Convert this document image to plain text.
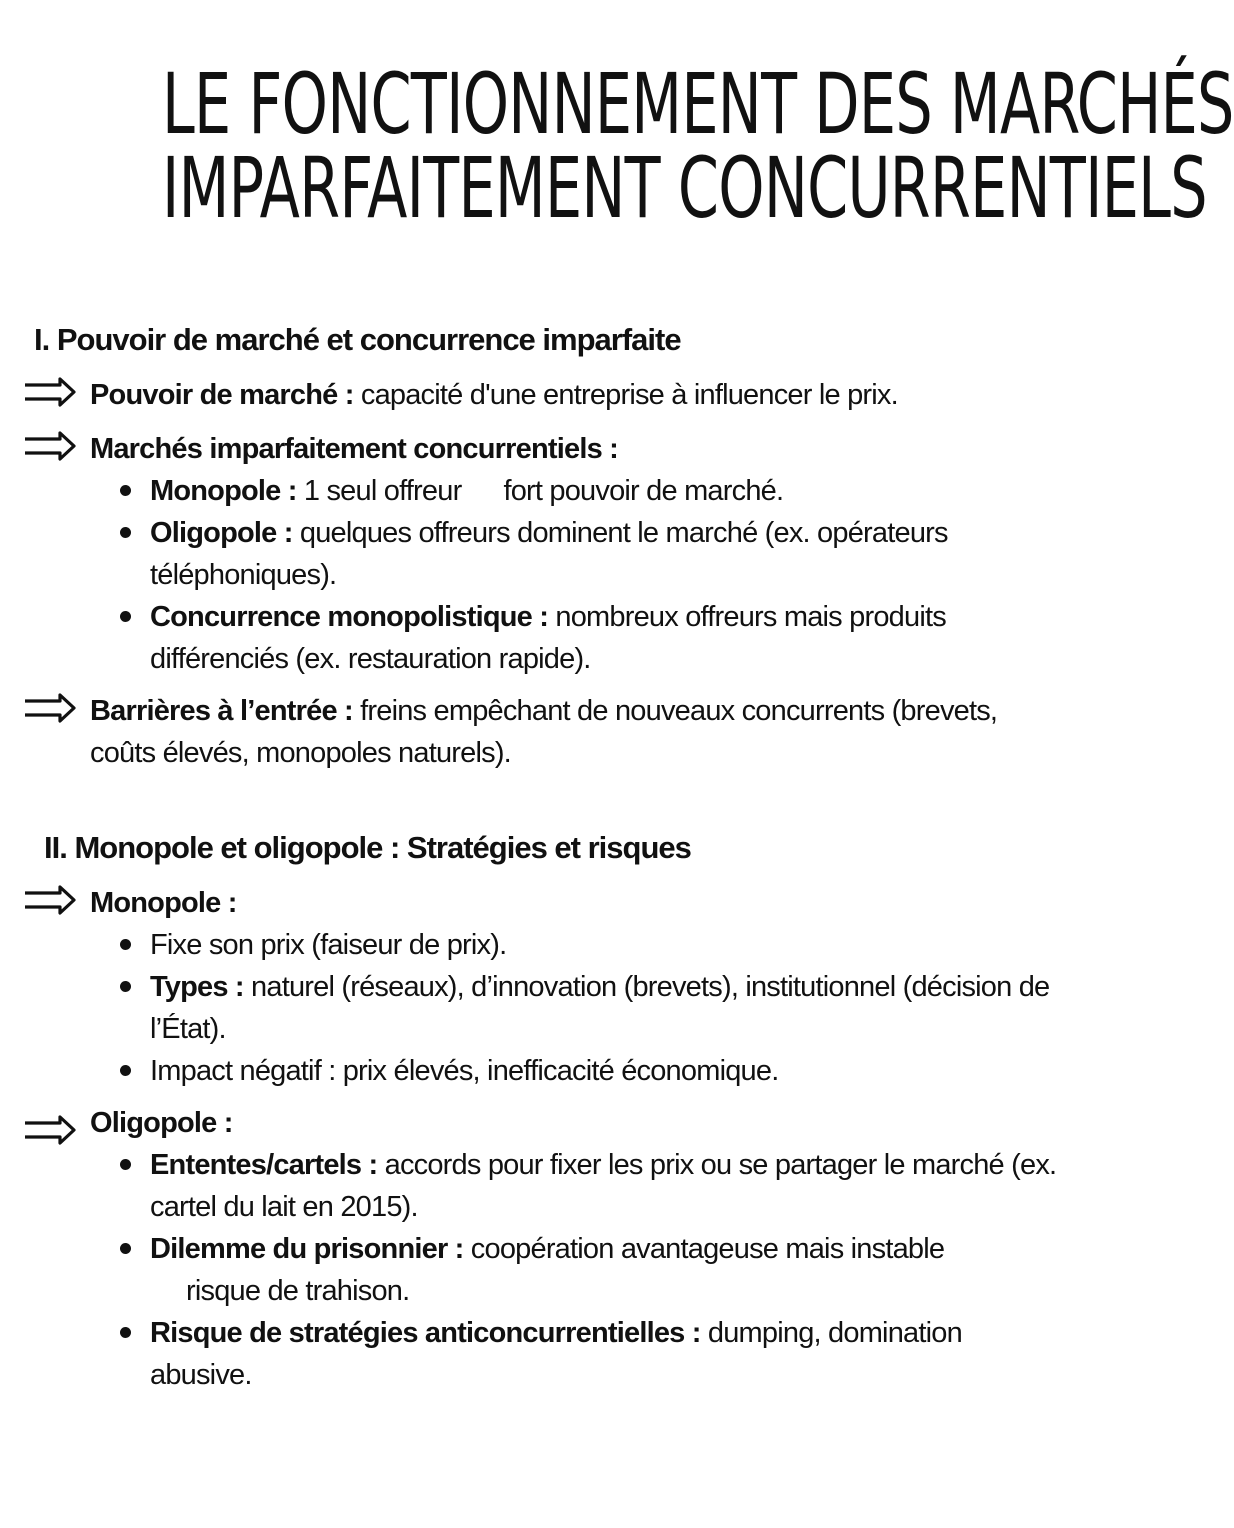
LE FONCTIONNEMENT DES MARCHÉS
IMPARFAITEMENT CONCURRENTIELS
I. Pouvoir de marché et concurrence imparfaite
Pouvoir de marché : capacité d'une entreprise à influencer le prix.
Marchés imparfaitement concurrentiels :
Monopole : 1 seul offreur fort pouvoir de marché.
Oligopole : quelques offreurs dominent le marché (ex. opérateurs téléphoniques).
Concurrence monopolistique : nombreux offreurs mais produits différenciés (ex. restauration rapide).
Barrières à l’entrée : freins empêchant de nouveaux concurrents (brevets, coûts élevés, monopoles naturels).
II. Monopole et oligopole : Stratégies et risques
Monopole :
Fixe son prix (faiseur de prix).
Types : naturel (réseaux), d’innovation (brevets), institutionnel (décision de l’État).
Impact négatif : prix élevés, inefficacité économique.
Oligopole :
Ententes/cartels : accords pour fixer les prix ou se partager le marché (ex. cartel du lait en 2015).
Dilemme du prisonnier : coopération avantageuse mais instable
risque de trahison.
Risque de stratégies anticoncurrentielles : dumping, domination abusive.
